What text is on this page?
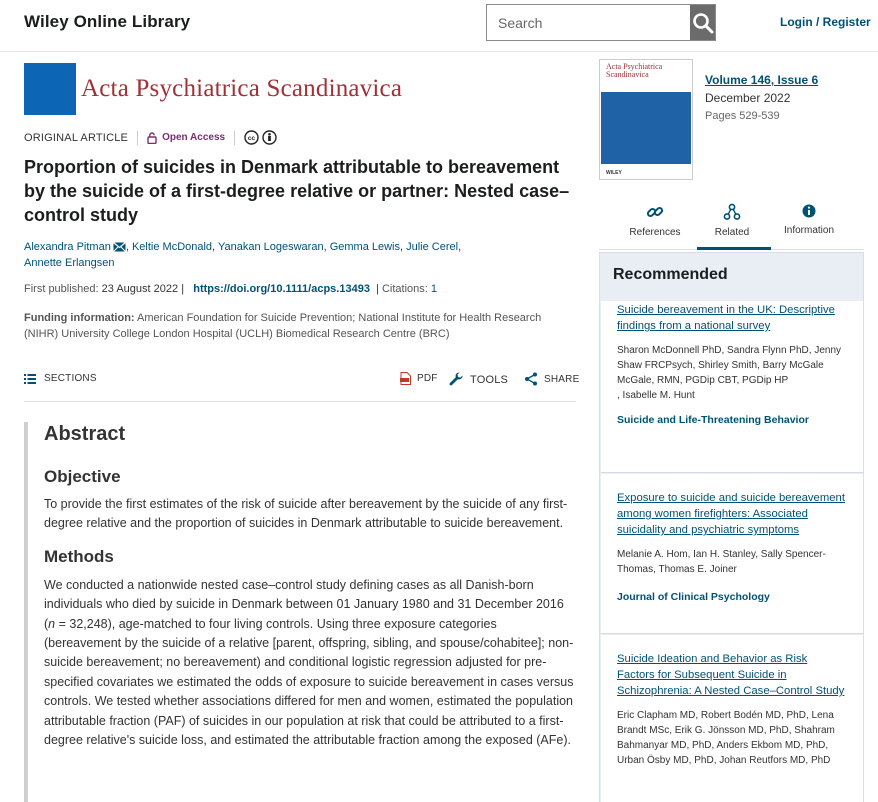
Wiley Online Library
Search	Login / Register
Acta Psychiatrica Scandinavica
ORIGINAL ARTICLE	Open Access	cc
Proportion of suicides in Denmark attributable to bereavement by the suicide of a first-degree relative or partner: Nested case–control study
Alexandra Pitman , Keltie McDonald, Yanakan Logeswaran, Gemma Lewis, Julie Cerel,
Annette Erlangsen
First published: 23 August 2022 |   https://doi.org/10.1111/acps.13493  | Citations: 1
Funding information: American Foundation for Suicide Prevention; National Institute for Health Research (NIHR) University College London Hospital (UCLH) Biomedical Research Centre (BRC)
SECTIONS	PDF	TOOLS	SHARE
Abstract
Objective

To provide the first estimates of the risk of suicide after bereavement by the suicide of any first-degree relative and the proportion of suicides in Denmark attributable to suicide bereavement.

Methods

We conducted a nationwide nested case–control study defining cases as all Danish-born individuals who died by suicide in Denmark between 01 January 1980 and 31 December 2016 (n = 32,248), age-matched to four living controls. Using three exposure categories (bereavement by the suicide of a relative [parent, offspring, sibling, and spouse/cohabitee]; non-suicide bereavement; no bereavement) and conditional logistic regression adjusted for pre-specified covariates we estimated the odds of exposure to suicide bereavement in cases versus controls. We tested whether associations differed for men and women, estimated the population attributable fraction (PAF) of suicides in our population at risk that could be attributed to a first-degree relative's suicide loss, and estimated the attributable fraction among the exposed (AFe).

Acta Psychiatrica Scandinavica
WILEY
Volume 146, Issue 6
December 2022
Pages 529-539
References	Related	Information
Recommended
Suicide bereavement in the UK: Descriptive findings from a national survey
Sharon McDonnell PhD, Sandra Flynn PhD, Jenny Shaw FRCPsych, Shirley Smith, Barry McGale McGale, RMN, PGDip CBT, PGDip HP
, Isabelle M. Hunt
Suicide and Life-Threatening Behavior
Exposure to suicide and suicide bereavement among women firefighters: Associated suicidality and psychiatric symptoms
Melanie A. Hom, Ian H. Stanley, Sally Spencer-Thomas, Thomas E. Joiner
Journal of Clinical Psychology
Suicide Ideation and Behavior as Risk Factors for Subsequent Suicide in Schizophrenia: A Nested Case–Control Study
Eric Clapham MD, Robert Bodén MD, PhD, Lena Brandt MSc, Erik G. Jönsson MD, PhD, Shahram Bahmanyar MD, PhD, Anders Ekbom MD, PhD, Urban Ösby MD, PhD, Johan Reutfors MD, PhD
